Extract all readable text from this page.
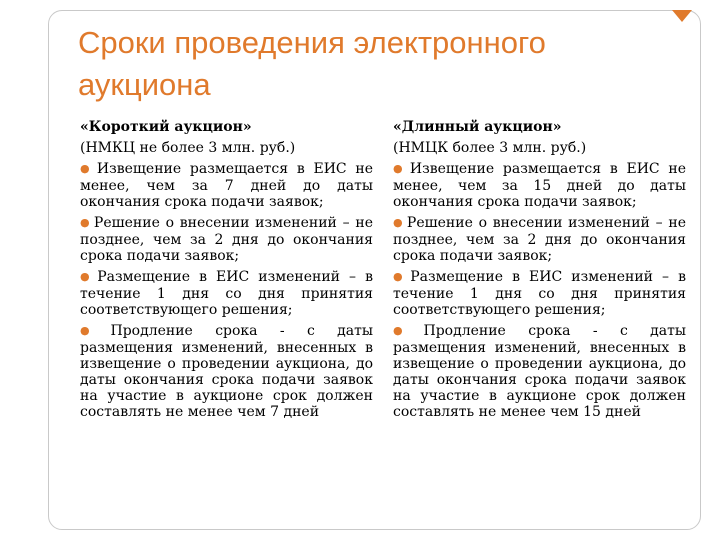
Сроки проведения электронного аукциона
«Короткий аукцион»
(НМКЦ не более 3 млн. руб.)
● Извещение размещается в ЕИС не менее, чем за 7 дней до даты окончания срока подачи заявок;
● Решение о внесении изменений – не позднее, чем за 2 дня до окончания срока подачи заявок;
● Размещение в ЕИС изменений – в течение 1 дня со дня принятия соответствующего решения;
● Продление срока - с даты размещения изменений, внесенных в извещение о проведении аукциона, до даты окончания срока подачи заявок на участие в аукционе срок должен составлять не менее чем 7 дней
«Длинный аукцион»
(НМЦК более 3 млн. руб.)
● Извещение размещается в ЕИС не менее, чем за 15 дней до даты окончания срока подачи заявок;
● Решение о внесении изменений – не позднее, чем за 2 дня до окончания срока подачи заявок;
● Размещение в ЕИС изменений – в течение 1 дня со дня принятия соответствующего решения;
● Продление срока - с даты размещения изменений, внесенных в извещение о проведении аукциона, до даты окончания срока подачи заявок на участие в аукционе срок должен составлять не менее чем 15 дней
